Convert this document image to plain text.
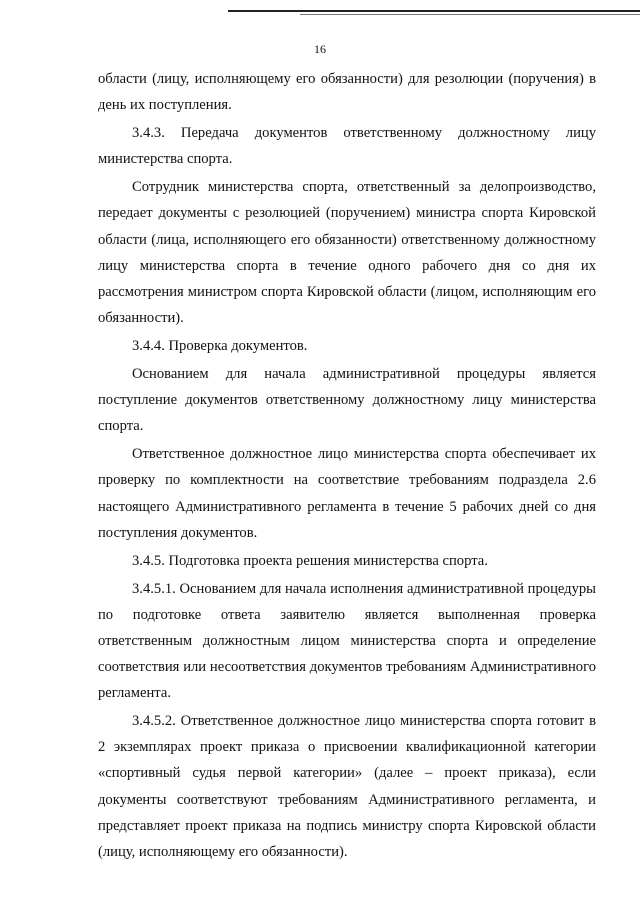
16

области (лицу, исполняющему его обязанности) для резолюции (поручения) в день их поступления.

3.4.3. Передача документов ответственному должностному лицу министерства спорта.

Сотрудник министерства спорта, ответственный за делопроизводство, передает документы с резолюцией (поручением) министра спорта Кировской области (лица, исполняющего его обязанности) ответственному должностному лицу министерства спорта в течение одного рабочего дня со дня их рассмотрения министром спорта Кировской области (лицом, исполняющим его обязанности).

3.4.4. Проверка документов.

Основанием для начала административной процедуры является поступление документов ответственному должностному лицу министерства спорта.

Ответственное должностное лицо министерства спорта обеспечивает их проверку по комплектности на соответствие требованиям подраздела 2.6 настоящего Административного регламента в течение 5 рабочих дней со дня поступления документов.

3.4.5. Подготовка проекта решения министерства спорта.

3.4.5.1. Основанием для начала исполнения административной процедуры по подготовке ответа заявителю является выполненная проверка ответственным должностным лицом министерства спорта и определение соответствия или несоответствия документов требованиям Административного регламента.

3.4.5.2. Ответственное должностное лицо министерства спорта готовит в 2 экземплярах проект приказа о присвоении квалификационной категории «спортивный судья первой категории» (далее – проект приказа), если документы соответствуют требованиям Административного регламента, и представляет проект приказа на подпись министру спорта Кировской области (лицу, исполняющему его обязанности).
